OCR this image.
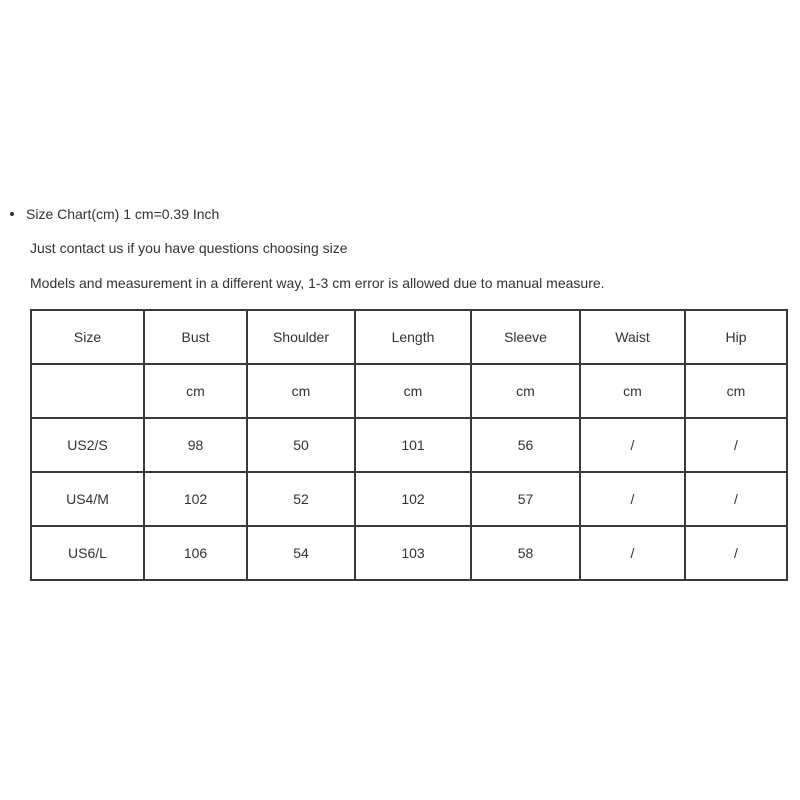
Size Chart(cm) 1 cm=0.39 Inch
Just contact us if you have questions choosing size
Models and measurement in a different way, 1-3 cm error is allowed due to manual measure.
Size	Bust	Shoulder	Length	Sleeve	Waist	Hip
	cm	cm	cm	cm	cm	cm
US2/S	98	50	101	56	/	/
US4/M	102	52	102	57	/	/
US6/L	106	54	103	58	/	/
